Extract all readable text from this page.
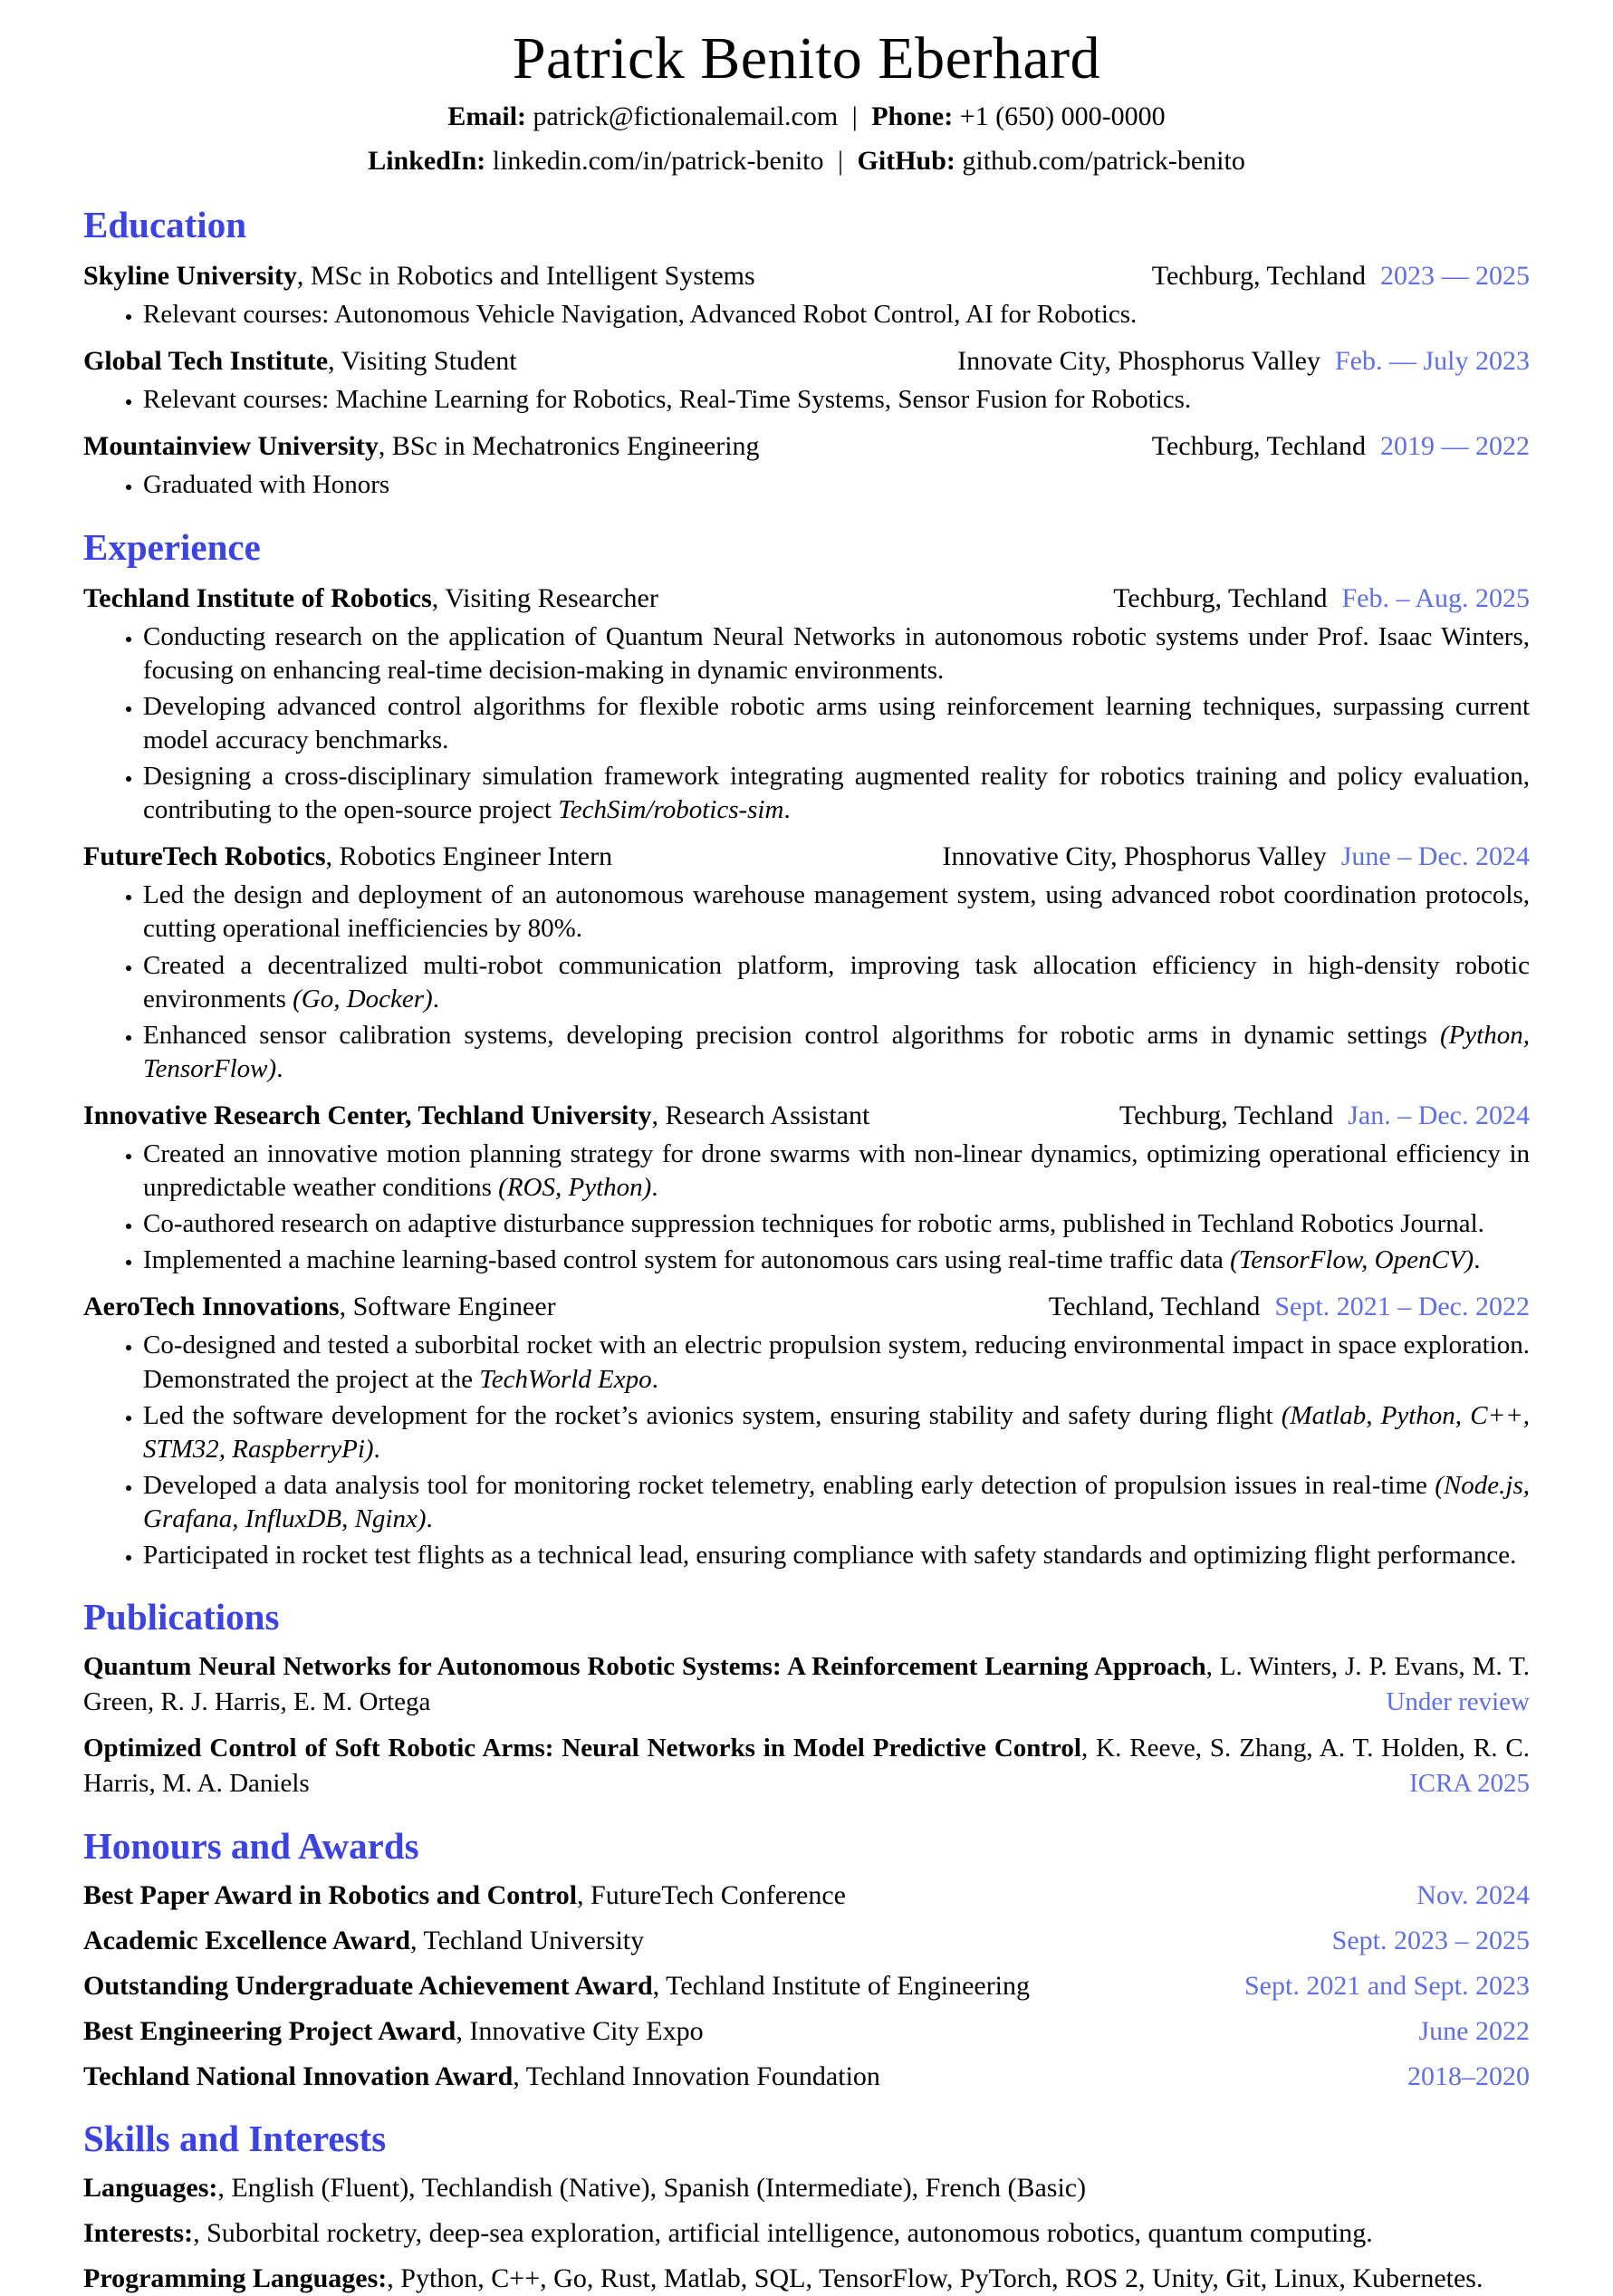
Patrick Benito Eberhard
Email: patrick@fictionalemail.com | Phone: +1 (650) 000-0000
LinkedIn: linkedin.com/in/patrick-benito | GitHub: github.com/patrick-benito
Education
Skyline University, MSc in Robotics and Intelligent Systems	Techburg, Techland 2023 — 2025
• Relevant courses: Autonomous Vehicle Navigation, Advanced Robot Control, AI for Robotics.
Global Tech Institute, Visiting Student	Innovate City, Phosphorus Valley Feb. — July 2023
• Relevant courses: Machine Learning for Robotics, Real-Time Systems, Sensor Fusion for Robotics.
Mountainview University, BSc in Mechatronics Engineering	Techburg, Techland 2019 — 2022
• Graduated with Honors
Experience
Techland Institute of Robotics, Visiting Researcher	Techburg, Techland Feb. – Aug. 2025
• Conducting research on the application of Quantum Neural Networks in autonomous robotic systems under Prof. Isaac Winters, focusing on enhancing real-time decision-making in dynamic environments.
• Developing advanced control algorithms for flexible robotic arms using reinforcement learning techniques, surpassing current model accuracy benchmarks.
• Designing a cross-disciplinary simulation framework integrating augmented reality for robotics training and policy evaluation, contributing to the open-source project TechSim/robotics-sim.
FutureTech Robotics, Robotics Engineer Intern	Innovative City, Phosphorus Valley June – Dec. 2024
• Led the design and deployment of an autonomous warehouse management system, using advanced robot coordination protocols, cutting operational inefficiencies by 80%.
• Created a decentralized multi-robot communication platform, improving task allocation efficiency in high-density robotic environments (Go, Docker).
• Enhanced sensor calibration systems, developing precision control algorithms for robotic arms in dynamic settings (Python, TensorFlow).
Innovative Research Center, Techland University, Research Assistant	Techburg, Techland Jan. – Dec. 2024
• Created an innovative motion planning strategy for drone swarms with non-linear dynamics, optimizing operational efficiency in unpredictable weather conditions (ROS, Python).
• Co-authored research on adaptive disturbance suppression techniques for robotic arms, published in Techland Robotics Journal.
• Implemented a machine learning-based control system for autonomous cars using real-time traffic data (TensorFlow, OpenCV).
AeroTech Innovations, Software Engineer	Techland, Techland Sept. 2021 – Dec. 2022
• Co-designed and tested a suborbital rocket with an electric propulsion system, reducing environmental impact in space exploration. Demonstrated the project at the TechWorld Expo.
• Led the software development for the rocket’s avionics system, ensuring stability and safety during flight (Matlab, Python, C++, STM32, RaspberryPi).
• Developed a data analysis tool for monitoring rocket telemetry, enabling early detection of propulsion issues in real-time (Node.js, Grafana, InfluxDB, Nginx).
• Participated in rocket test flights as a technical lead, ensuring compliance with safety standards and optimizing flight performance.
Publications
Quantum Neural Networks for Autonomous Robotic Systems: A Reinforcement Learning Approach, L. Winters, J. P. Evans, M. T. Green, R. J. Harris, E. M. Ortega	Under review
Optimized Control of Soft Robotic Arms: Neural Networks in Model Predictive Control, K. Reeve, S. Zhang, A. T. Holden, R. C. Harris, M. A. Daniels	ICRA 2025
Honours and Awards
Best Paper Award in Robotics and Control, FutureTech Conference	Nov. 2024
Academic Excellence Award, Techland University	Sept. 2023 – 2025
Outstanding Undergraduate Achievement Award, Techland Institute of Engineering	Sept. 2021 and Sept. 2023
Best Engineering Project Award, Innovative City Expo	June 2022
Techland National Innovation Award, Techland Innovation Foundation	2018–2020
Skills and Interests
Languages:, English (Fluent), Techlandish (Native), Spanish (Intermediate), French (Basic)
Interests:, Suborbital rocketry, deep-sea exploration, artificial intelligence, autonomous robotics, quantum computing.
Programming Languages:, Python, C++, Go, Rust, Matlab, SQL, TensorFlow, PyTorch, ROS 2, Unity, Git, Linux, Kubernetes.
